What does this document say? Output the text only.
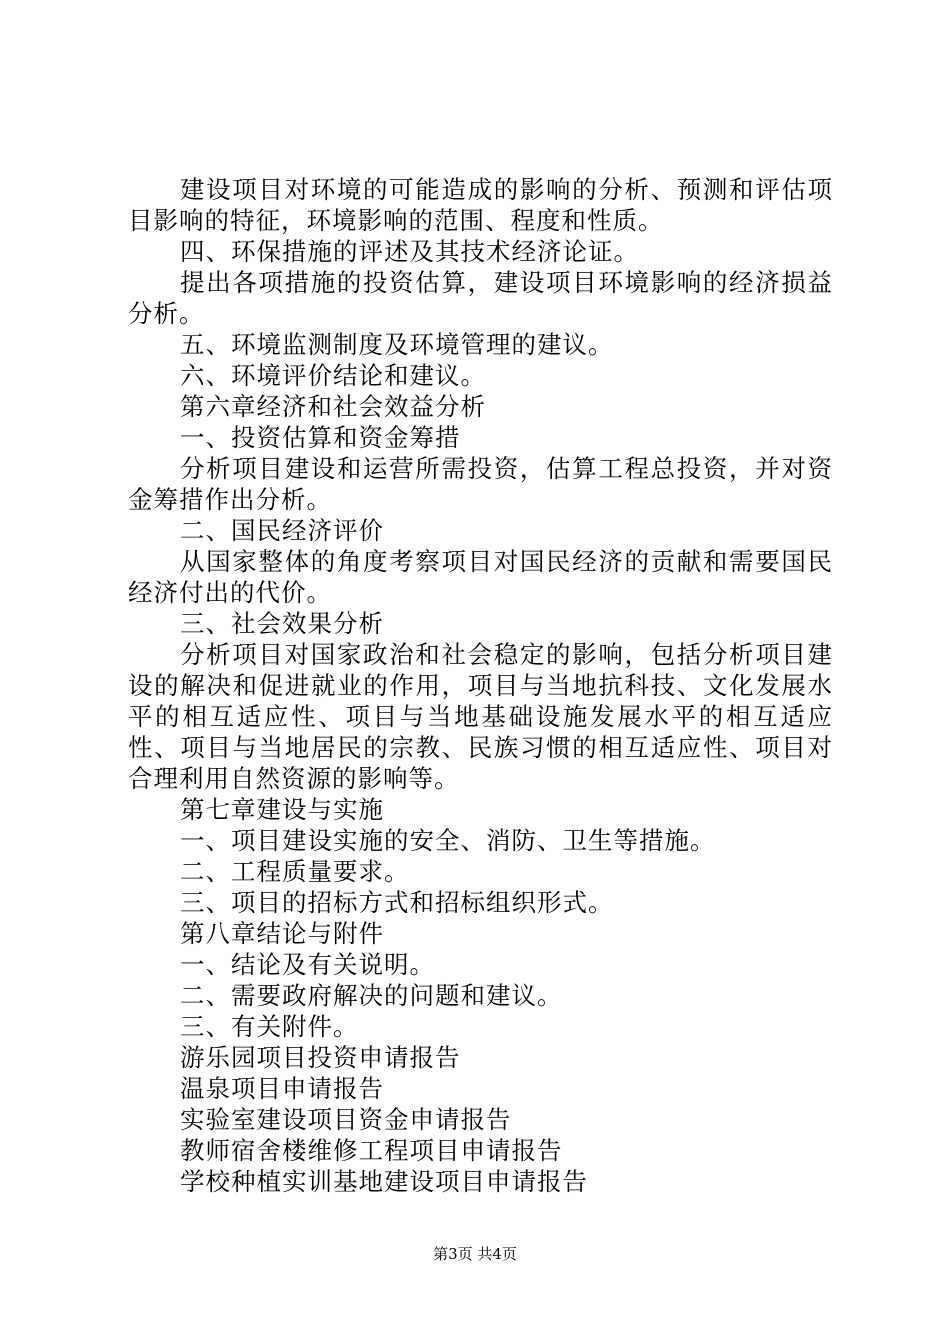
建设项目对环境的可能造成的影响的分析、预测和评估项目影响的特征，环境影响的范围、程度和性质。

四、环保措施的评述及其技术经济论证。

提出各项措施的投资估算，建设项目环境影响的经济损益分析。

五、环境监测制度及环境管理的建议。

六、环境评价结论和建议。

第六章经济和社会效益分析

一、投资估算和资金筹措

分析项目建设和运营所需投资，估算工程总投资，并对资金筹措作出分析。

二、国民经济评价

从国家整体的角度考察项目对国民经济的贡献和需要国民经济付出的代价。

三、社会效果分析

分析项目对国家政治和社会稳定的影响，包括分析项目建设的解决和促进就业的作用，项目与当地抗科技、文化发展水平的相互适应性、项目与当地基础设施发展水平的相互适应性、项目与当地居民的宗教、民族习惯的相互适应性、项目对合理利用自然资源的影响等。

第七章建设与实施

一、项目建设实施的安全、消防、卫生等措施。

二、工程质量要求。

三、项目的招标方式和招标组织形式。

第八章结论与附件

一、结论及有关说明。

二、需要政府解决的问题和建议。

三、有关附件。

游乐园项目投资申请报告

温泉项目申请报告

实验室建设项目资金申请报告

教师宿舍楼维修工程项目申请报告

学校种植实训基地建设项目申请报告

第3页 共4页
